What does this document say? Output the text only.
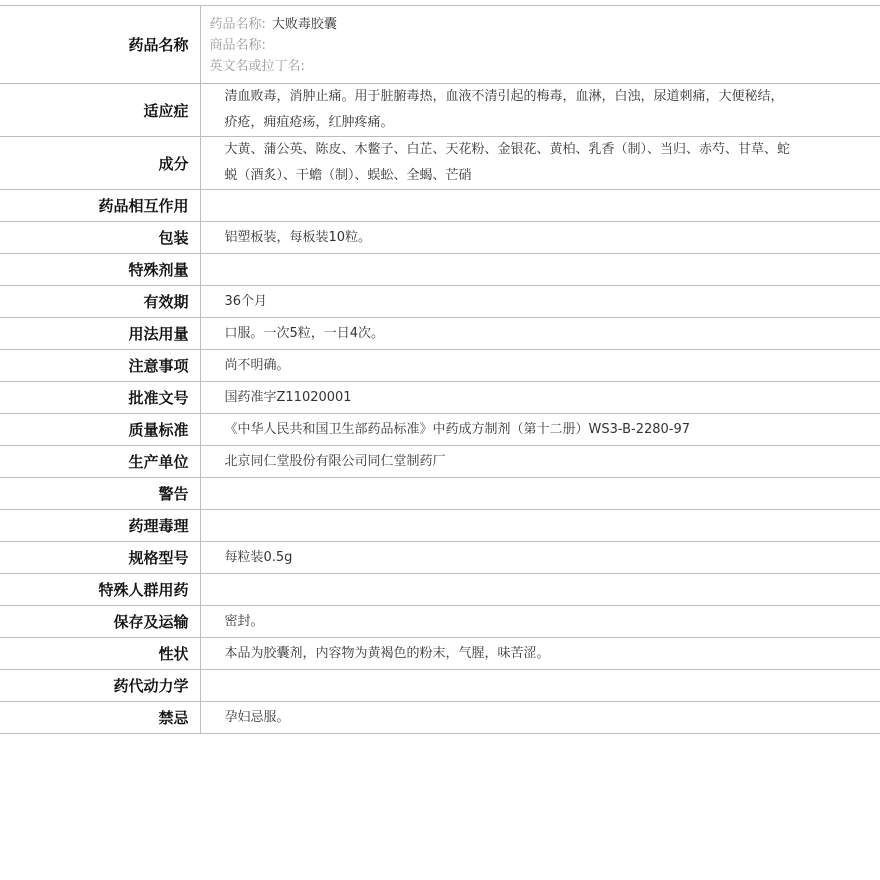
药品名称	药品名称: 大败毒胶囊
商品名称:
英文名或拉丁名:

适应症	清血败毒，消肿止痛。用于脏腑毒热，血液不清引起的梅毒，血淋，白浊，尿道刺痛，大便秘结，疥疮，痈疽疮疡，红肿疼痛。
成分	大黄、蒲公英、陈皮、木鳖子、白芷、天花粉、金银花、黄柏、乳香（制）、当归、赤芍、甘草、蛇蜕（酒炙）、干蟾（制）、蜈蚣、全蝎、芒硝
药品相互作用	
包装	铝塑板装，每板装10粒。
特殊剂量	
有效期	36个月
用法用量	口服。一次5粒，一日4次。
注意事项	尚不明确。
批准文号	国药准字Z11020001
质量标准	《中华人民共和国卫生部药品标准》中药成方制剂（第十二册）WS3-B-2280-97
生产单位	北京同仁堂股份有限公司同仁堂制药厂
警告	
药理毒理	
规格型号	每粒装0.5g
特殊人群用药	
保存及运输	密封。
性状	本品为胶囊剂，内容物为黄褐色的粉末，气腥，味苦涩。
药代动力学	
禁忌	孕妇忌服。
